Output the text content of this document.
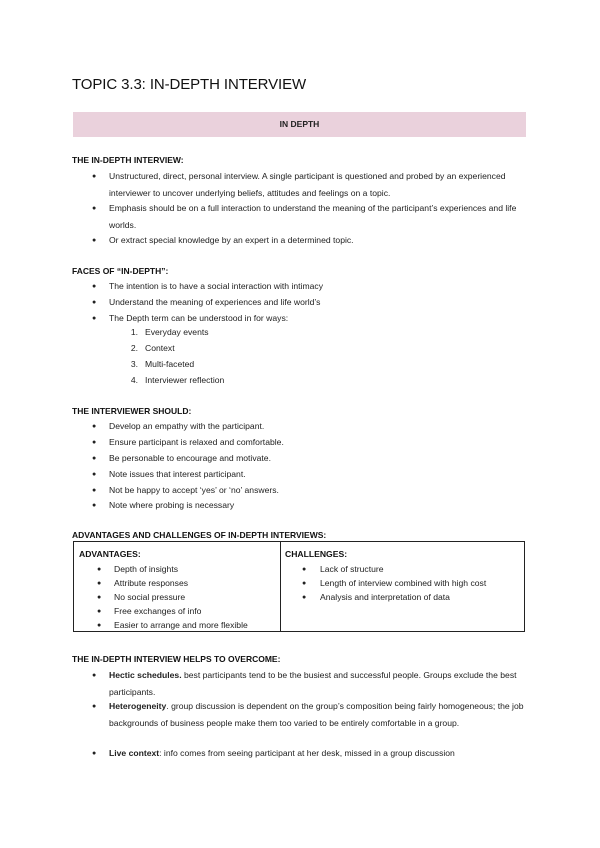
TOPIC 3.3: IN-DEPTH INTERVIEW
IN DEPTH
THE IN-DEPTH INTERVIEW:
● Unstructured, direct, personal interview. A single participant is questioned and probed by an experienced interviewer to uncover underlying beliefs, attitudes and feelings on a topic.
● Emphasis should be on a full interaction to understand the meaning of the participant’s experiences and life worlds.
● Or extract special knowledge by an expert in a determined topic.
FACES OF “IN-DEPTH”:
● The intention is to have a social interaction with intimacy
● Understand the meaning of experiences and life world’s
● The Depth term can be understood in for ways:
1. Everyday events
2. Context
3. Multi-faceted
4. Interviewer reflection
THE INTERVIEWER SHOULD:
● Develop an empathy with the participant.
● Ensure participant is relaxed and comfortable.
● Be personable to encourage and motivate.
● Note issues that interest participant.
● Not be happy to accept ‘yes’ or ‘no’ answers.
● Note where probing is necessary
ADVANTAGES AND CHALLENGES OF IN-DEPTH INTERVIEWS:
ADVANTAGES:
● Depth of insights
● Attribute responses
● No social pressure
● Free exchanges of info
● Easier to arrange and more flexible
CHALLENGES:
● Lack of structure
● Length of interview combined with high cost
● Analysis and interpretation of data
THE IN-DEPTH INTERVIEW HELPS TO OVERCOME:
● Hectic schedules. best participants tend to be the busiest and successful people. Groups exclude the best participants.
● Heterogeneity. group discussion is dependent on the group’s composition being fairly homogeneous; the job backgrounds of business people make them too varied to be entirely comfortable in a group.
● Live context: info comes from seeing participant at her desk, missed in a group discussion
